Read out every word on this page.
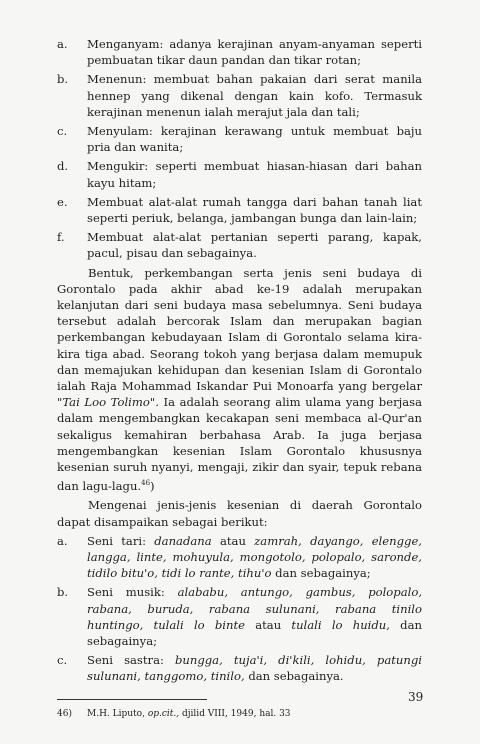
a.	Menganyam: adanya kerajinan anyam-anyaman seperti pembuatan tikar daun pandan dan tikar rotan;
b.	Menenun: membuat bahan pakaian dari serat manila hennep yang dikenal dengan kain kofo. Termasuk kerajinan menenun ialah merajut jala dan tali;
c.	Menyulam: kerajinan kerawang untuk membuat baju pria dan wanita;
d.	Mengukir: seperti membuat hiasan-hiasan dari bahan kayu hitam;
e.	Membuat alat-alat rumah tangga dari bahan tanah liat seperti periuk, belanga, jambangan bunga dan lain-lain;
f.	Membuat alat-alat pertanian seperti parang, kapak, pacul, pisau dan sebagainya.

Bentuk, perkembangan serta jenis seni budaya di Gorontalo pada akhir abad ke-19 adalah merupakan kelanjutan dari seni budaya masa sebelumnya. Seni budaya tersebut adalah bercorak Islam dan merupakan bagian perkembangan kebudayaan Islam di Gorontalo selama kira-kira tiga abad. Seorang tokoh yang berjasa dalam memupuk dan memajukan kehidupan dan kesenian Islam di Gorontalo ialah Raja Mohammad Iskandar Pui Monoarfa yang bergelar "Tai Loo Tolimo". Ia adalah seorang alim ulama yang berjasa dalam mengembangkan kecakapan seni membaca al-Qur'an sekaligus kemahiran berbahasa Arab. Ia juga berjasa mengembangkan kesenian Islam Gorontalo khususnya kesenian suruh nyanyi, mengaji, zikir dan syair, tepuk rebana dan lagu-lagu.$^{46}$)

Mengenai jenis-jenis kesenian di daerah Gorontalo dapat disampaikan sebagai berikut:

a.	Seni tari: danadana atau zamrah, dayango, elengge, langga, linte, mohuyula, mongotolo, polopalo, saronde, tidilo bitu'o, tidi lo rante, tihu'o dan sebagainya;
b.	Seni musik: alababu, antungo, gambus, polopalo, rabana, buruda, rabana sulunani, rabana tinilo huntingo, tulali lo binte atau tulali lo huidu, dan sebagainya;
c.	Seni sastra: bungga, tuja'i, di'kili, lohidu, patungi sulunani, tanggomo, tinilo, dan sebagainya.
46)	M.H. Liputo, op.cit., djilid VIII, 1949, hal. 33
39
